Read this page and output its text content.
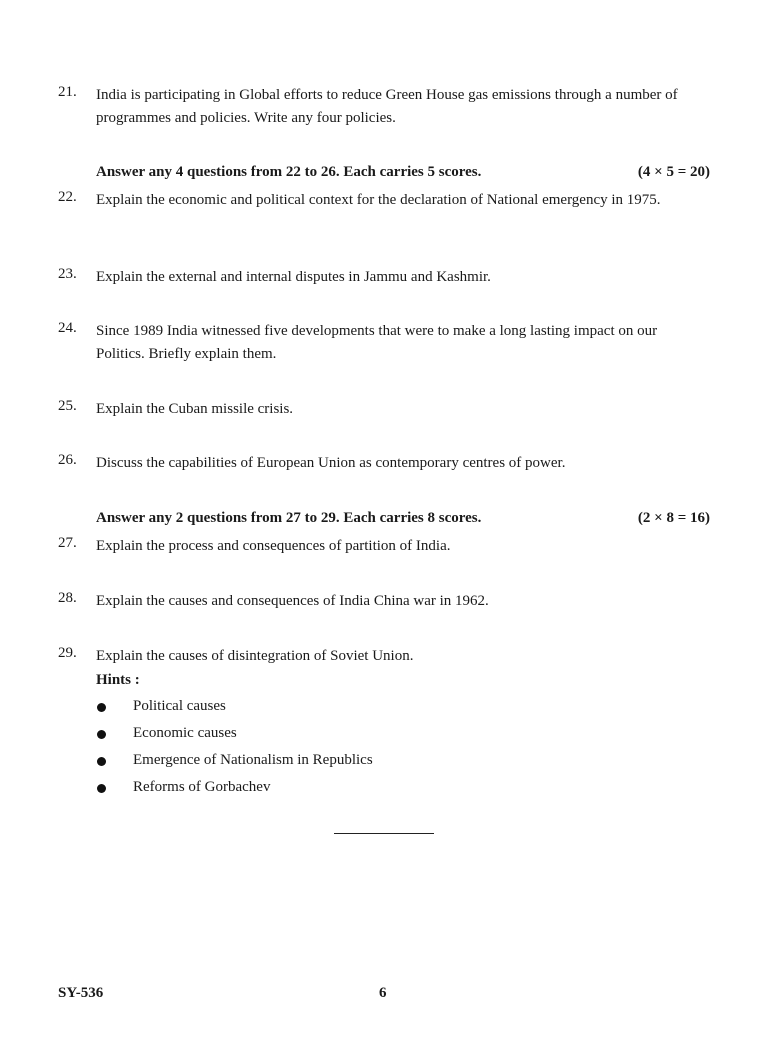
21.	India is participating in Global efforts to reduce Green House gas emissions through a number of programmes and policies. Write any four policies.
Answer any 4 questions from 22 to 26. Each carries 5 scores.	(4 × 5 = 20)
22.	Explain the economic and political context for the declaration of National emergency in 1975.
23.	Explain the external and internal disputes in Jammu and Kashmir.
24.	Since 1989 India witnessed five developments that were to make a long lasting impact on our Politics. Briefly explain them.
25.	Explain the Cuban missile crisis.
26.	Discuss the capabilities of European Union as contemporary centres of power.
Answer any 2 questions from 27 to 29. Each carries 8 scores.	(2 × 8 = 16)
27.	Explain the process and consequences of partition of India.
28.	Explain the causes and consequences of India China war in 1962.
29.	Explain the causes of disintegration of Soviet Union.
Hints :
Political causes
Economic causes
Emergence of Nationalism in Republics
Reforms of Gorbachev
SY-536	6
